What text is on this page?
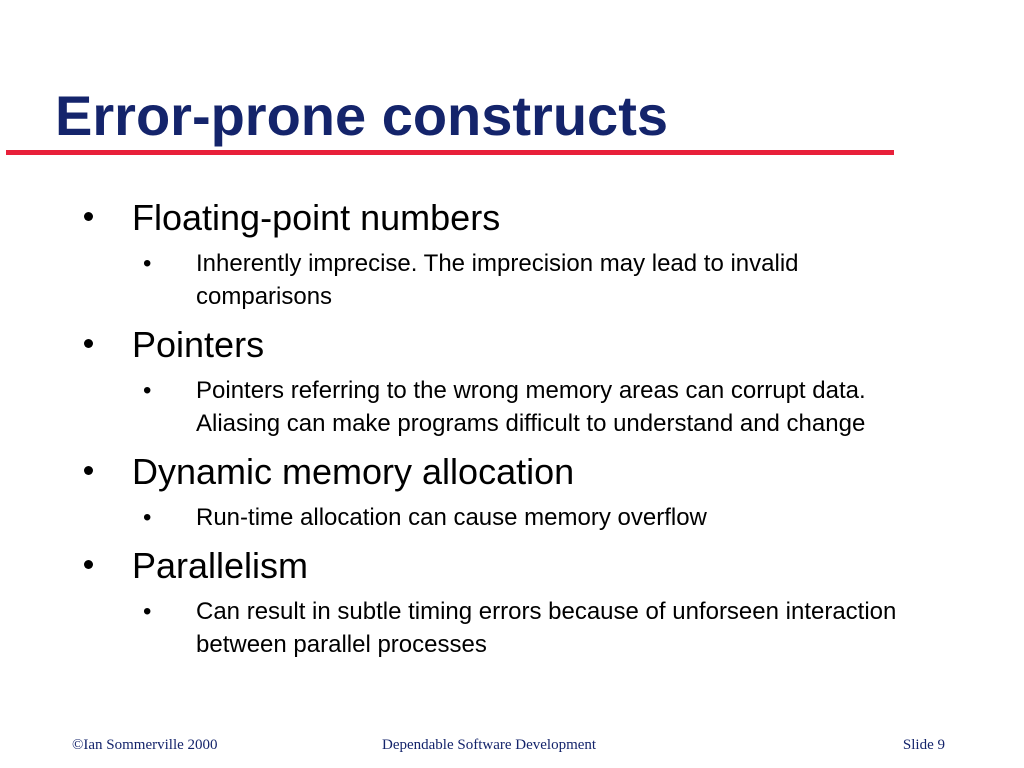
Error-prone constructs
Floating-point numbers
• Inherently imprecise. The imprecision may lead to invalid comparisons
Pointers
• Pointers referring to the wrong memory areas can corrupt data. Aliasing can make programs difficult to understand and change
Dynamic memory allocation
• Run-time allocation can cause memory overflow
Parallelism
• Can result in subtle timing errors because of unforseen interaction between parallel processes
©Ian Sommerville 2000	Dependable Software Development	Slide 9
